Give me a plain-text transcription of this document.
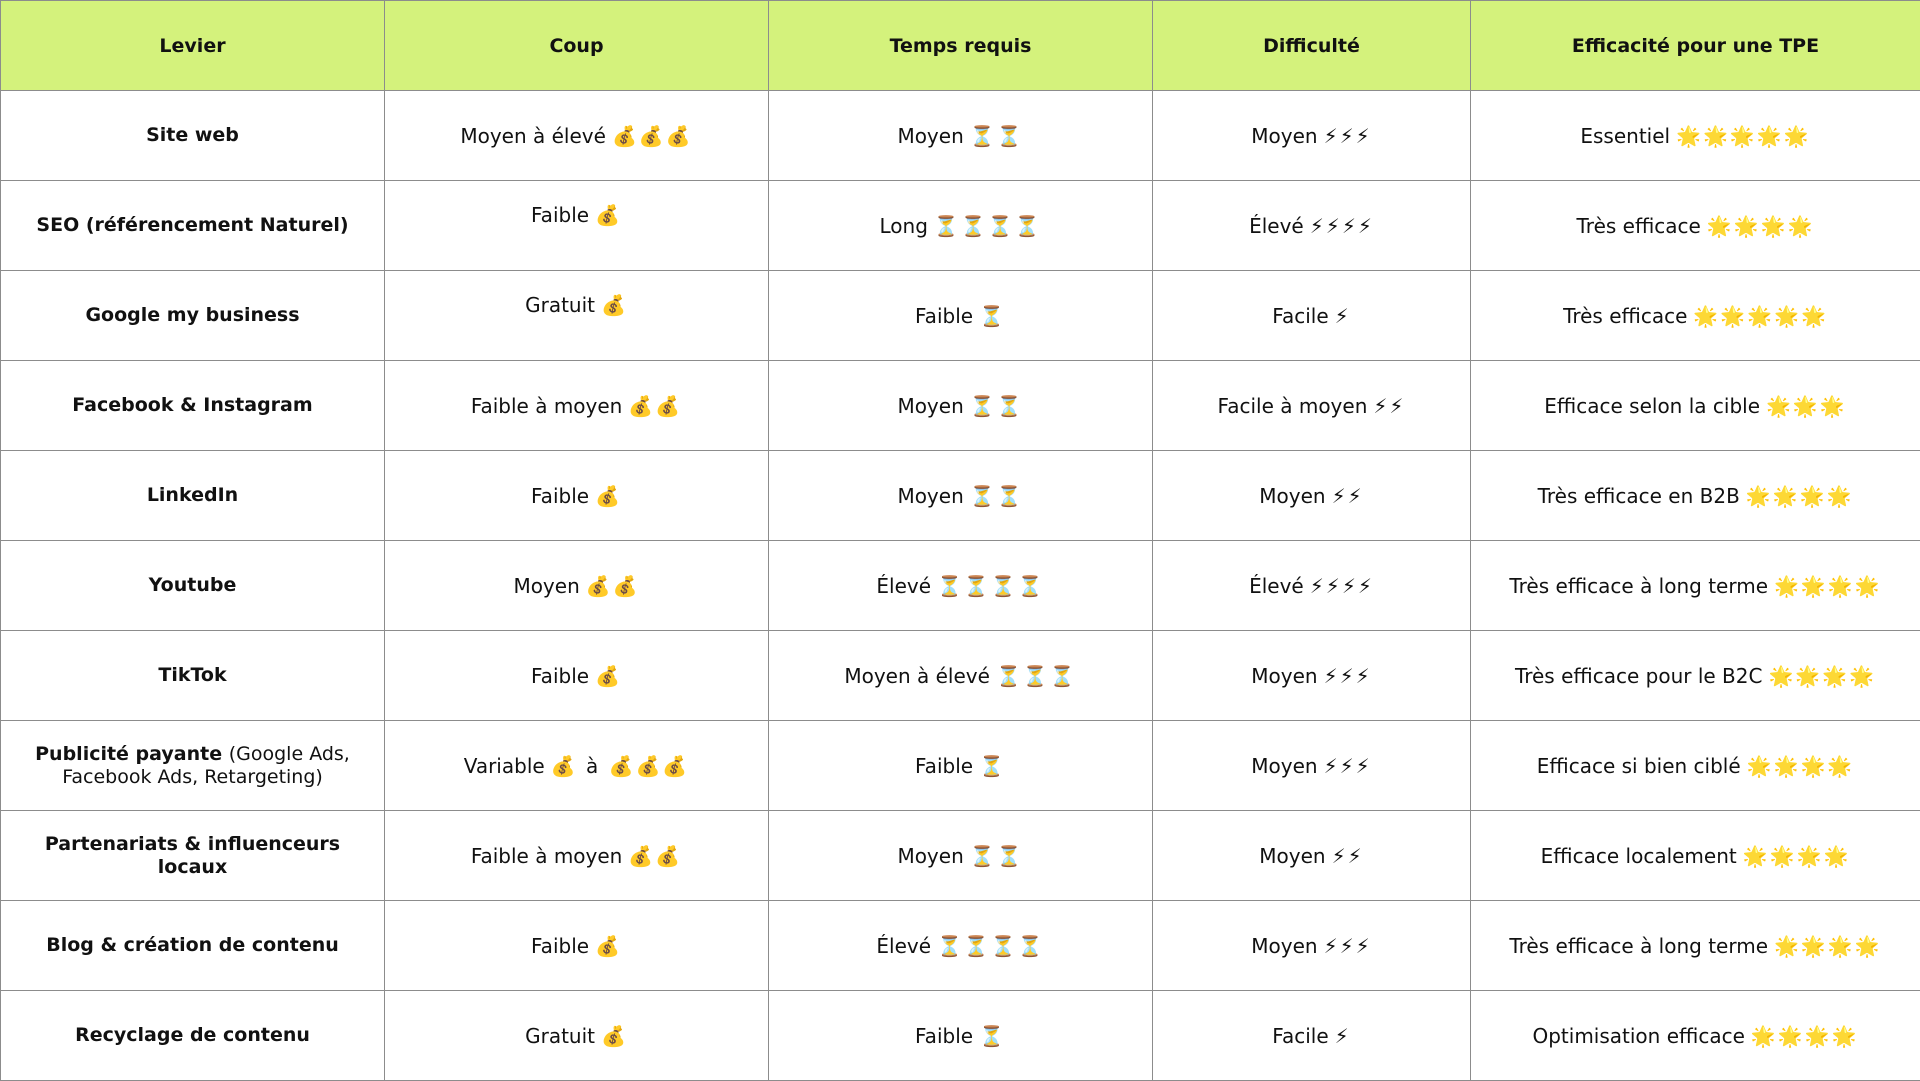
Levier	Coup	Temps requis	Difficulté	Efficacité pour une TPE
Site web	Moyen à élevé 💰💰💰	Moyen ⏳⏳	Moyen ⚡⚡⚡	Essentiel 🌟🌟🌟🌟🌟
SEO (référencement Naturel)	Faible 💰	Long ⏳⏳⏳⏳	Élevé ⚡⚡⚡⚡	Très efficace 🌟🌟🌟🌟
Google my business	Gratuit 💰	Faible ⏳	Facile ⚡	Très efficace 🌟🌟🌟🌟🌟
Facebook & Instagram	Faible à moyen 💰💰	Moyen ⏳⏳	Facile à moyen ⚡⚡	Efficace selon la cible 🌟🌟🌟
LinkedIn	Faible 💰	Moyen ⏳⏳	Moyen ⚡⚡	Très efficace en B2B 🌟🌟🌟🌟
Youtube	Moyen 💰💰	Élevé ⏳⏳⏳⏳	Élevé ⚡⚡⚡⚡	Très efficace à long terme 🌟🌟🌟🌟
TikTok	Faible 💰	Moyen à élevé ⏳⏳⏳	Moyen ⚡⚡⚡	Très efficace pour le B2C 🌟🌟🌟🌟
Publicité payante (Google Ads, Facebook Ads, Retargeting)	Variable 💰 à 💰💰💰	Faible ⏳	Moyen ⚡⚡⚡	Efficace si bien ciblé 🌟🌟🌟🌟
Partenariats & influenceurs locaux	Faible à moyen 💰💰	Moyen ⏳⏳	Moyen ⚡⚡	Efficace localement 🌟🌟🌟🌟
Blog & création de contenu	Faible 💰	Élevé ⏳⏳⏳⏳	Moyen ⚡⚡⚡	Très efficace à long terme 🌟🌟🌟🌟
Recyclage de contenu	Gratuit 💰	Faible ⏳	Facile ⚡	Optimisation efficace 🌟🌟🌟🌟
